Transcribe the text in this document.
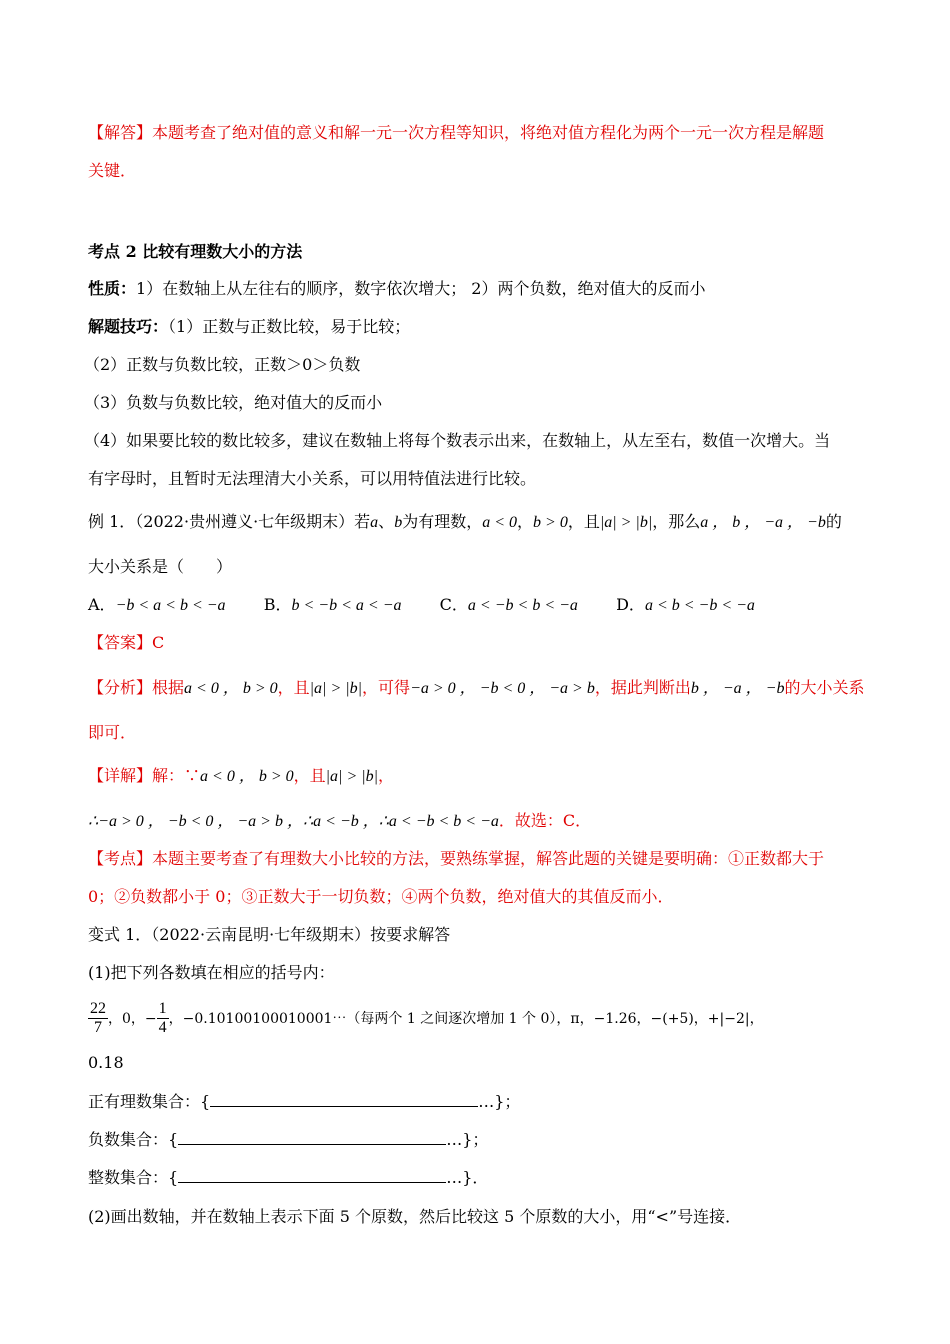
【解答】本题考查了绝对值的意义和解一元一次方程等知识，将绝对值方程化为两个一元一次方程是解题
关键．
考点 2 比较有理数大小的方法
性质：1）在数轴上从左往右的顺序，数字依次增大； 2）两个负数，绝对值大的反而小
解题技巧：（1）正数与正数比较，易于比较；
（2）正数与负数比较，正数＞0＞负数
（3）负数与负数比较，绝对值大的反而小
（4）如果要比较的数比较多，建议在数轴上将每个数表示出来，在数轴上，从左至右，数值一次增大。当
有字母时，且暂时无法理清大小关系，可以用特值法进行比较。
例 1．（2022·贵州遵义·七年级期末）若a、b为有理数，a < 0，b > 0，且|a| > |b|，那么a ， b ， −a ， −b的
大小关系是（　　）
A．−b < a < b < −a B．b < −b < a < −a C．a < −b < b < −a D．a < b < −b < −a
【答案】C
【分析】根据a < 0 ， b > 0，且|a| > |b|，可得−a > 0 ， −b < 0 ， −a > b，据此判断出b ， −a ， −b的大小关系
即可．
【详解】解：∵a < 0 ， b > 0，且|a| > |b|，
∴−a > 0 ， −b < 0 ， −a > b ，∴a < −b ，∴a < −b < b < −a．故选：C．
【考点】本题主要考查了有理数大小比较的方法，要熟练掌握，解答此题的关键是要明确：①正数都大于
0；②负数都小于 0；③正数大于一切负数；④两个负数，绝对值大的其值反而小．
变式 1．（2022·云南昆明·七年级期末）按要求解答
(1)把下列各数填在相应的括号内：
$\frac{22}{7}$ ，0，− $\frac{1}{4}$ ，−0.10100100010001⋯（每两个 1 之间逐次增加 1 个 0），π，−1.26，−(+5)，+|−2|，
0.18
正有理数集合：{	…}；
负数集合：{	…}；
整数集合：{	…}．
(2)画出数轴，并在数轴上表示下面 5 个原数，然后比较这 5 个原数的大小，用“<”号连接．
